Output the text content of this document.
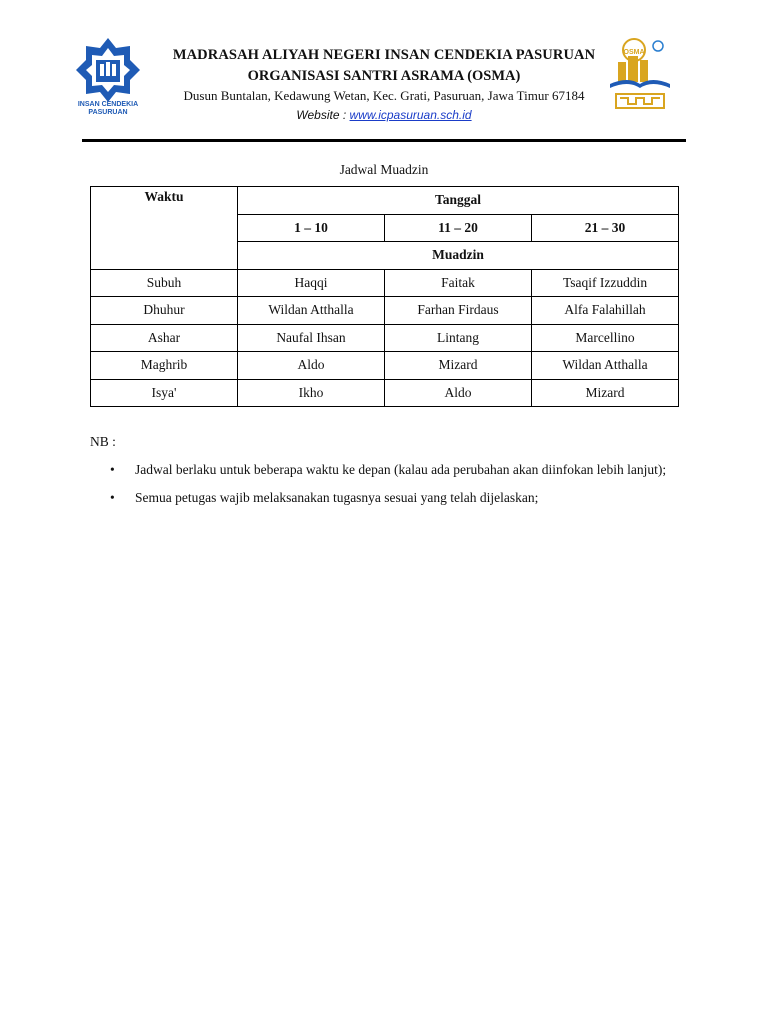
INSAN CENDEKIA
PASURUAN
MADRASAH ALIYAH NEGERI INSAN CENDEKIA PASURUAN
ORGANISASI SANTRI ASRAMA (OSMA)
Dusun Buntalan, Kedawung Wetan, Kec. Grati, Pasuruan, Jawa Timur 67184
Website : www.icpasuruan.sch.id
OSMA
Jadwal Muadzin
Waktu	Tanggal		
	1 – 10	11 – 20	21 – 30
	Muadzin		
Subuh	Haqqi	Faitak	Tsaqif Izzuddin
Dhuhur	Wildan Atthalla	Farhan Firdaus	Alfa Falahillah
Ashar	Naufal Ihsan	Lintang	Marcellino
Maghrib	Aldo	Mizard	Wildan Atthalla
Isya'	Ikho	Aldo	Mizard
NB :
• Jadwal berlaku untuk beberapa waktu ke depan (kalau ada perubahan akan diinfokan lebih lanjut);
• Semua petugas wajib melaksanakan tugasnya sesuai yang telah dijelaskan;
